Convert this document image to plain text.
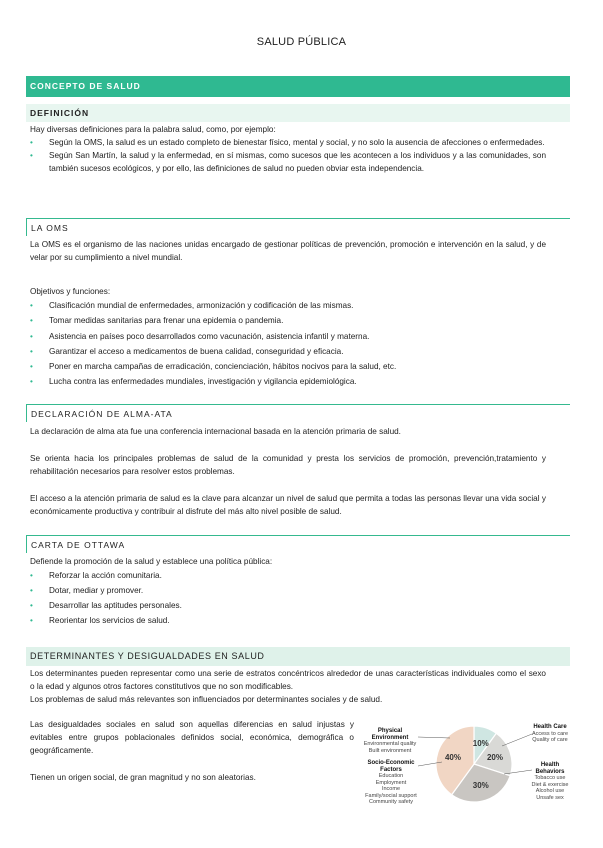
SALUD PÚBLICA
CONCEPTO DE SALUD
DEFINICIÓN
Hay diversas definiciones para la palabra salud, como, por ejemplo:
• Según la OMS, la salud es un estado completo de bienestar físico, mental y social, y no solo la ausencia de afecciones o enfermedades.
• Según San Martín, la salud y la enfermedad, en sí mismas, como sucesos que les acontecen a los individuos y a las comunidades, son también sucesos ecológicos, y por ello, las definiciones de salud no pueden obviar esta independencia.
LA OMS
La OMS es el organismo de las naciones unidas encargado de gestionar políticas de prevención, promoción e intervención en la salud, y de velar por su cumplimiento a nivel mundial.
Objetivos y funciones:
• Clasificación mundial de enfermedades, armonización y codificación de las mismas.
• Tomar medidas sanitarias para frenar una epidemia o pandemia.
• Asistencia en países poco desarrollados como vacunación, asistencia infantil y materna.
• Garantizar el acceso a medicamentos de buena calidad, conseguridad y eficacia.
• Poner en marcha campañas de erradicación, concienciación, hábitos nocivos para la salud, etc.
• Lucha contra las enfermedades mundiales, investigación y vigilancia epidemiológica.
DECLARACIÓN DE ALMA-ATA
La declaración de alma ata fue una conferencia internacional basada en la atención primaria de salud.
Se orienta hacia los principales problemas de salud de la comunidad y presta los servicios de promoción, prevención,tratamiento y rehabilitación necesarios para resolver estos problemas.
El acceso a la atención primaria de salud es la clave para alcanzar un nivel de salud que permita a todas las personas llevar una vida social y económicamente productiva y contribuir al disfrute del más alto nivel posible de salud.
CARTA DE OTTAWA
Defiende la promoción de la salud y establece una política pública:
• Reforzar la acción comunitaria.
• Dotar, mediar y promover.
• Desarrollar las aptitudes personales.
• Reorientar los servicios de salud.
DETERMINANTES Y DESIGUALDADES EN SALUD
Los determinantes pueden representar como una serie de estratos concéntricos alrededor de unas características individuales como el sexo o la edad y algunos otros factores constitutivos que no son modificables.
Los problemas de salud más relevantes son influenciados por determinantes sociales y de salud.
Las desigualdades sociales en salud son aquellas diferencias en salud injustas y evitables entre grupos poblacionales definidos social, económica, demográfica o geográficamente.
Tienen un origen social, de gran magnitud y no son aleatorias.
10%
20%
30%
40%
Physical Environment
Environmental quality
Built environment
Socio-Economic Factors
Education
Employment
Income
Family/social support
Community safety
Health Care
Access to care
Quality of care
Health Behaviors
Tobacco use
Diet & exercise
Alcohol use
Unsafe sex
